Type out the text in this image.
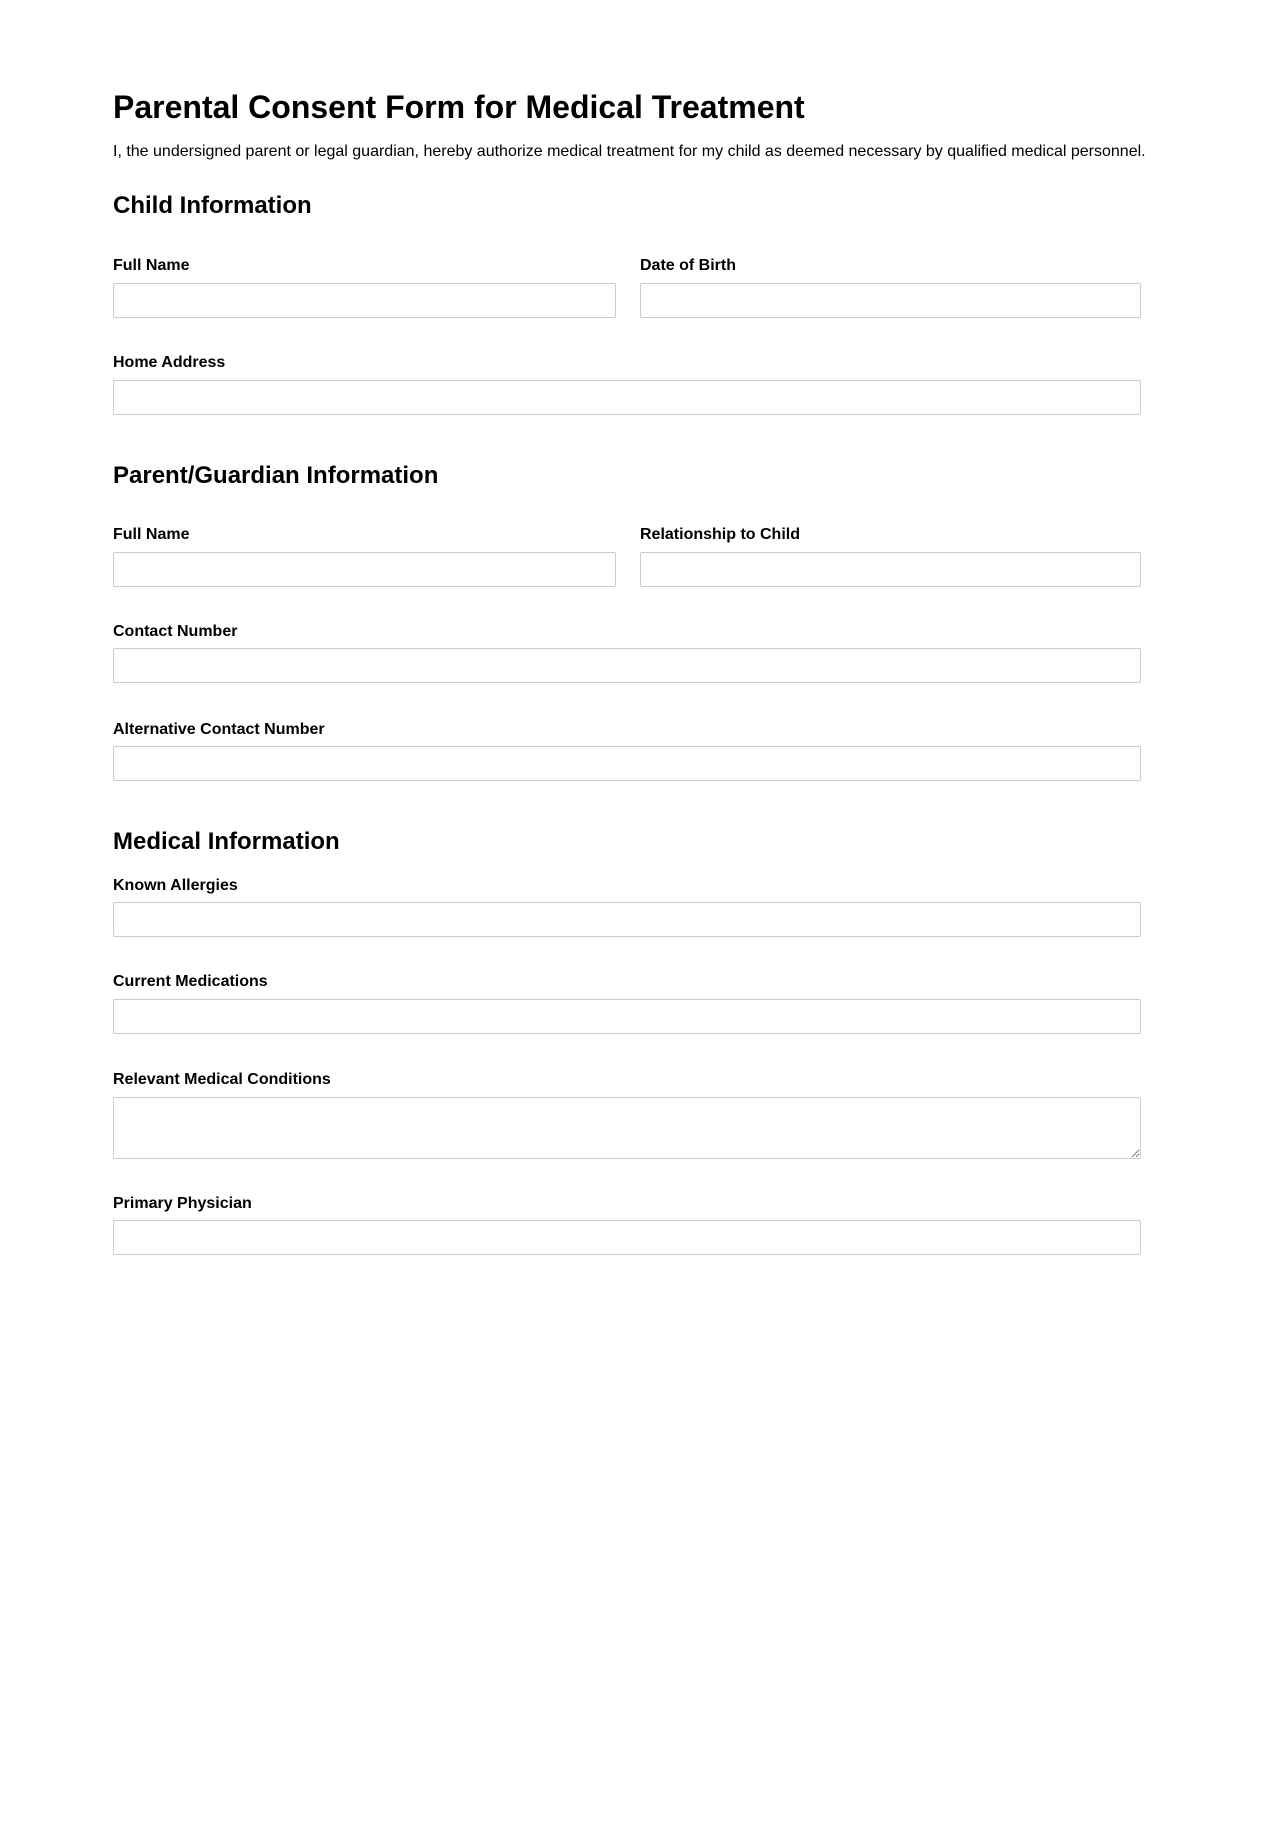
Parental Consent Form for Medical Treatment
I, the undersigned parent or legal guardian, hereby authorize medical treatment for my child as deemed necessary by qualified medical personnel.
Child Information
Full Name	Date of Birth
Home Address
Parent/Guardian Information
Full Name	Relationship to Child
Contact Number
Alternative Contact Number
Medical Information
Known Allergies
Current Medications
Relevant Medical Conditions
Primary Physician
